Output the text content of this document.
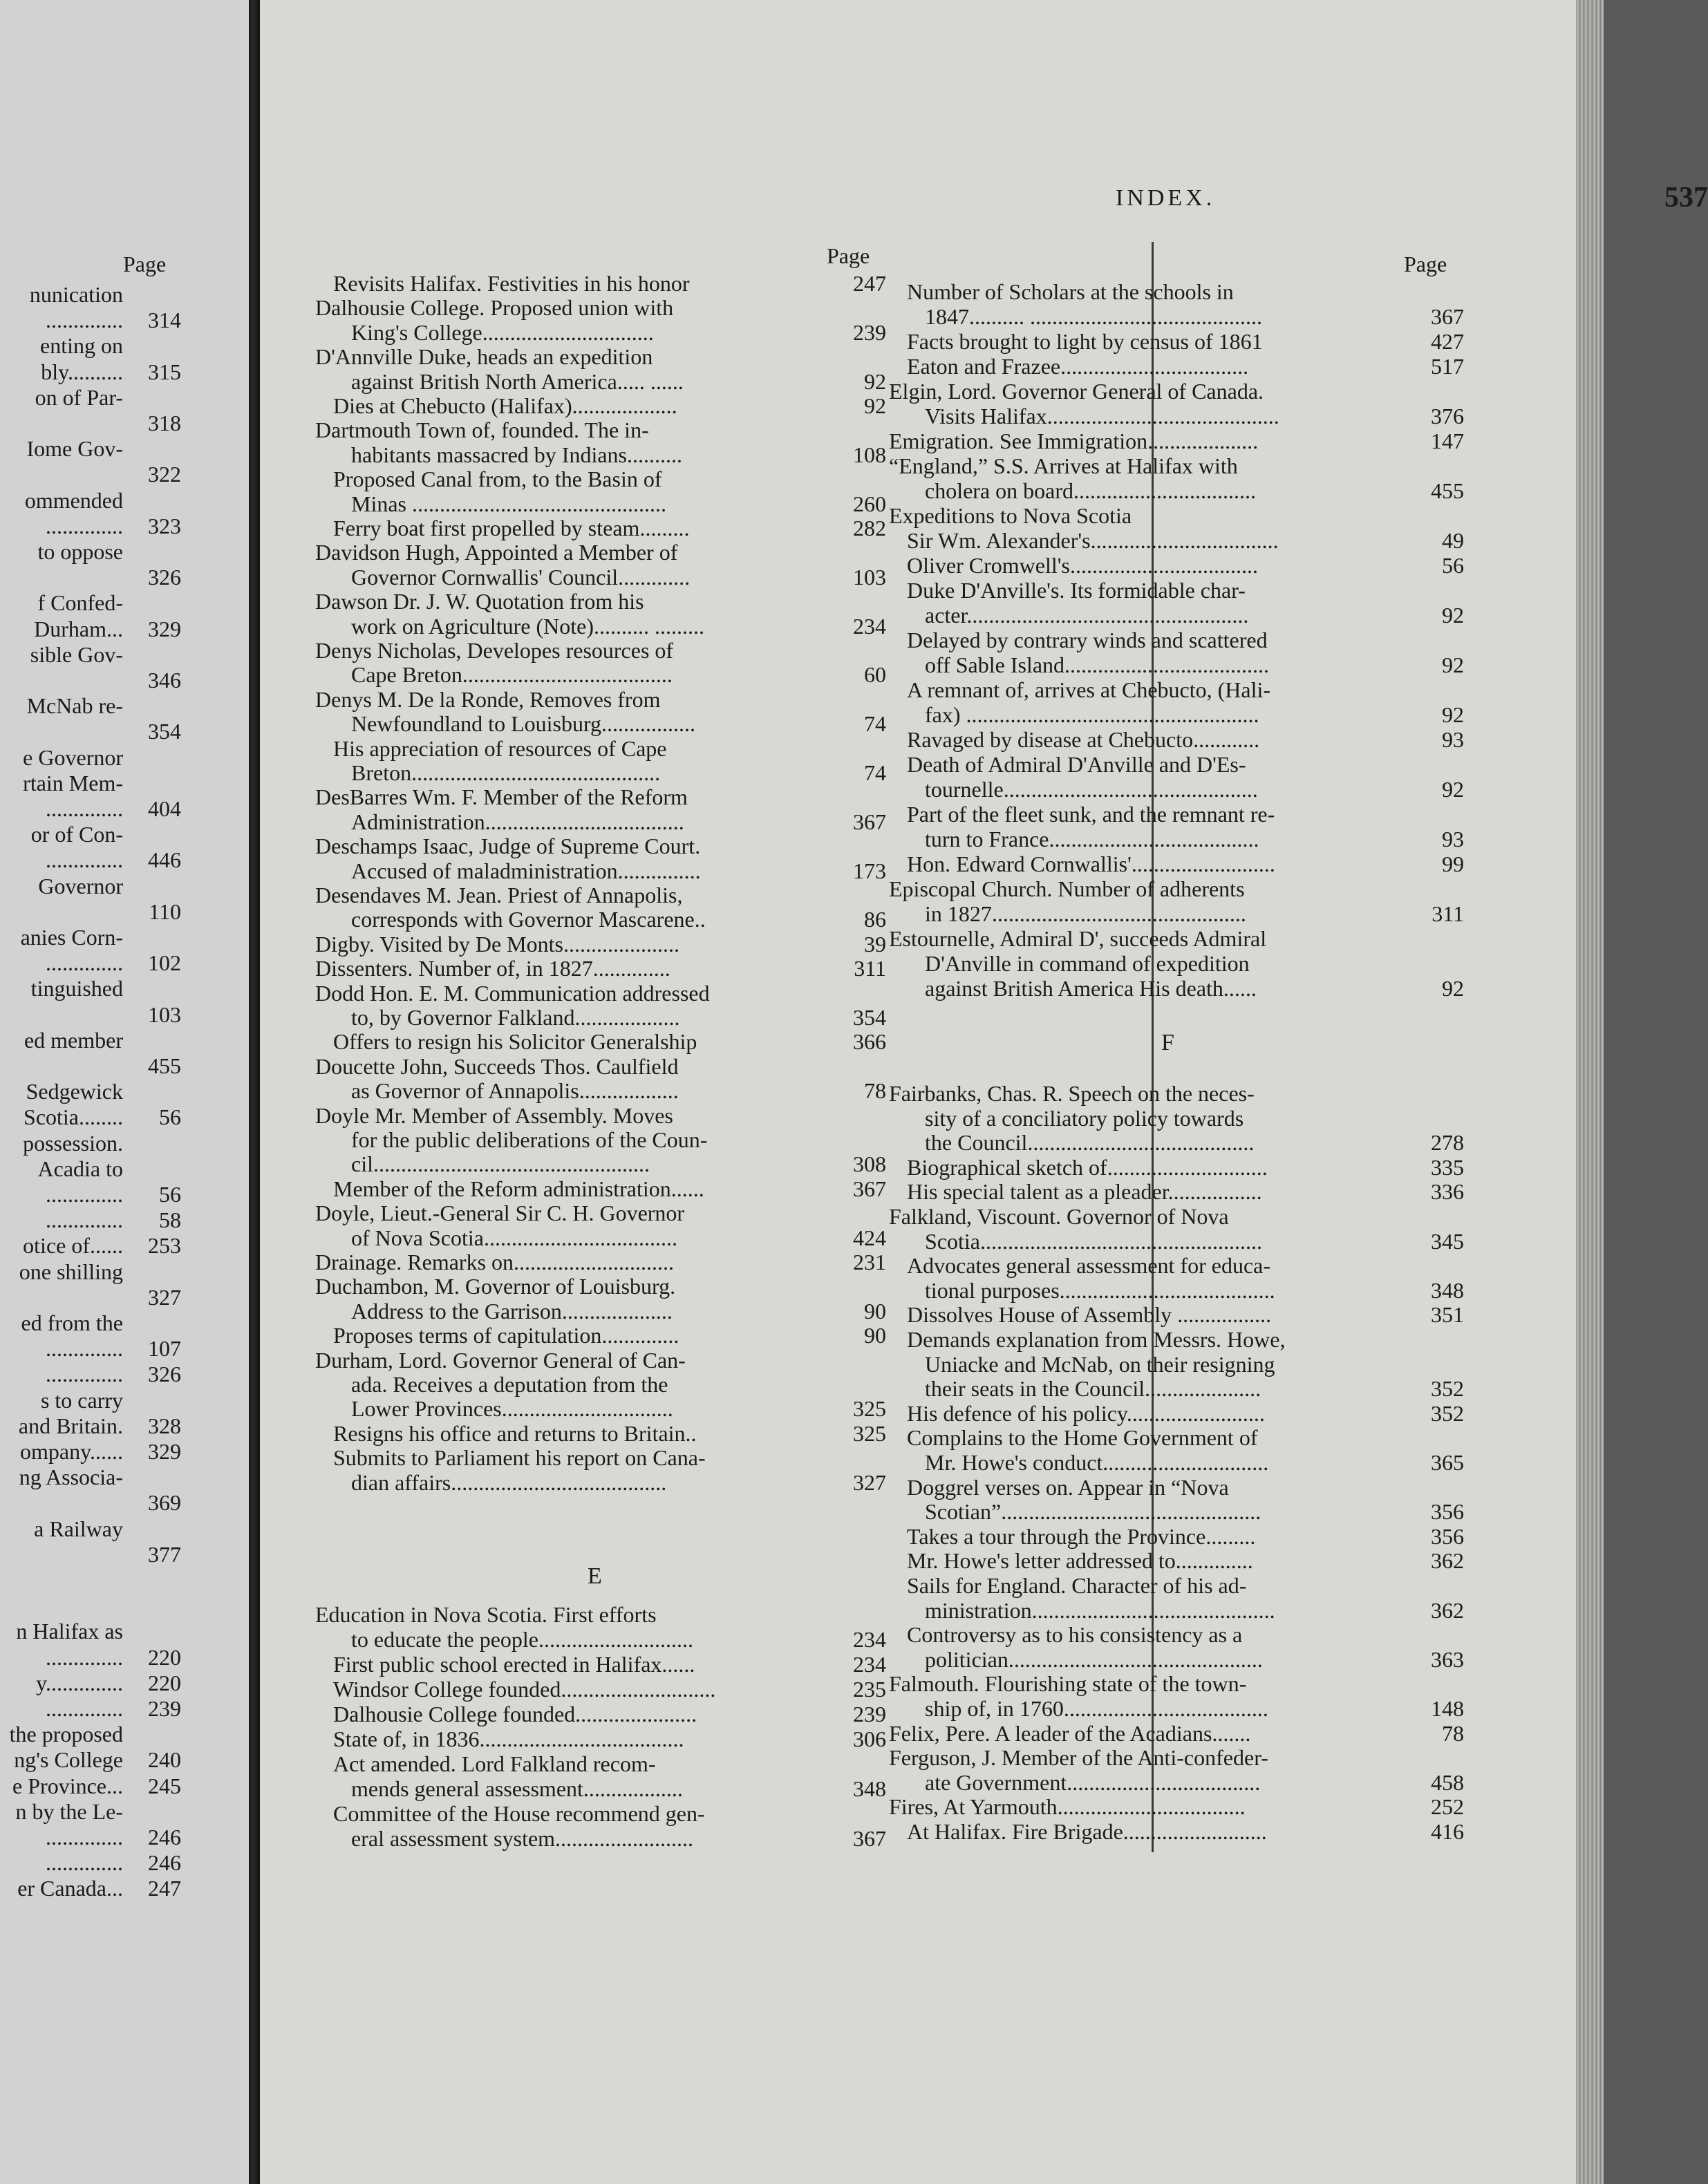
Page
nunication
..............	314
enting on
bly..........	315
on of Par-
318
Iome Gov-
322
ommended
..............	323
to oppose
326
f Confed-
Durham...	329
sible Gov-
346
McNab re-
354
e Governor
rtain Mem-
..............	404
or of Con-
..............	446
Governor
110
anies Corn-
..............	102
tinguished
103
ed member
455
Sedgewick
Scotia........	56
possession.
Acadia to
..............	56
..............	58
otice of......	253
one shilling
327
ed from the
..............	107
..............	326
s to carry
and Britain.	328
ompany......	329
ng Associa-
369
a Railway
377
n Halifax as
..............	220
y..............	220
..............	239
the proposed
ng's College	240
e Province...	245
n by the Le-
..............	246
..............	246
er Canada...	247
INDEX.	537
Page	Page
Revisits Halifax. Festivities in his honor	247
Dalhousie College. Proposed union with
King's College...............................	239
D'Annville Duke, heads an expedition
against British North America..... ......	92
Dies at Chebucto (Halifax)...................	92
Dartmouth Town of, founded. The in-
habitants massacred by Indians..........	108
Proposed Canal from, to the Basin of
Minas ..............................................	260
Ferry boat first propelled by steam.........	282
Davidson Hugh, Appointed a Member of
Governor Cornwallis' Council.............	103
Dawson Dr. J. W. Quotation from his
work on Agriculture (Note).......... .........	234
Denys Nicholas, Developes resources of
Cape Breton......................................	60
Denys M. De la Ronde, Removes from
Newfoundland to Louisburg.................	74
His appreciation of resources of Cape
Breton.............................................	74
DesBarres Wm. F. Member of the Reform
Administration....................................	367
Deschamps Isaac, Judge of Supreme Court.
Accused of maladministration...............	173
Desendaves M. Jean. Priest of Annapolis,
corresponds with Governor Mascarene..	86
Digby. Visited by De Monts.....................	39
Dissenters. Number of, in 1827..............	311
Dodd Hon. E. M. Communication addressed
to, by Governor Falkland...................	354
Offers to resign his Solicitor Generalship	366
Doucette John, Succeeds Thos. Caulfield
as Governor of Annapolis..................	78
Doyle Mr. Member of Assembly. Moves
for the public deliberations of the Coun-
cil..................................................	308
Member of the Reform administration......	367
Doyle, Lieut.-General Sir C. H. Governor
of Nova Scotia...................................	424
Drainage. Remarks on.............................	231
Duchambon, M. Governor of Louisburg.
Address to the Garrison....................	90
Proposes terms of capitulation..............	90
Durham, Lord. Governor General of Can-
ada. Receives a deputation from the
Lower Provinces...............................	325
Resigns his office and returns to Britain..	325
Submits to Parliament his report on Cana-
dian affairs.......................................	327
E
Education in Nova Scotia. First efforts
to educate the people............................	234
First public school erected in Halifax......	234
Windsor College founded............................	235
Dalhousie College founded......................	239
State of, in 1836.....................................	306
Act amended. Lord Falkland recom-
mends general assessment..................	348
Committee of the House recommend gen-
eral assessment system.........................	367
Number of Scholars at the schools in
1847.......... ..........................................	367
Facts brought to light by census of 1861	427
Eaton and Frazee..................................	517
Elgin, Lord. Governor General of Canada.
Visits Halifax..........................................	376
Emigration. See Immigration....................	147
“England,” S.S. Arrives at Halifax with
cholera on board.................................	455
Expeditions to Nova Scotia
Sir Wm. Alexander's..................................	49
Oliver Cromwell's..................................	56
Duke D'Anville's. Its formidable char-
acter...................................................	92
Delayed by contrary winds and scattered
off Sable Island.....................................	92
A remnant of, arrives at Chebucto, (Hali-
fax) .....................................................	92
Ravaged by disease at Chebucto............	93
Death of Admiral D'Anville and D'Es-
tournelle..............................................	92
Part of the fleet sunk, and the remnant re-
turn to France......................................	93
Hon. Edward Cornwallis'..........................	99
Episcopal Church. Number of adherents
in 1827..............................................	311
Estournelle, Admiral D', succeeds Admiral
D'Anville in command of expedition
against British America His death......	92
F
Fairbanks, Chas. R. Speech on the neces-
sity of a conciliatory policy towards
the Council.........................................	278
Biographical sketch of.............................	335
His special talent as a pleader.................	336
Falkland, Viscount. Governor of Nova
Scotia...................................................	345
Advocates general assessment for educa-
tional purposes.......................................	348
Dissolves House of Assembly .................	351
Demands explanation from Messrs. Howe,
Uniacke and McNab, on their resigning
their seats in the Council.....................	352
His defence of his policy.........................	352
Complains to the Home Government of
Mr. Howe's conduct..............................	365
Doggrel verses on. Appear in “Nova
Scotian”...............................................	356
Takes a tour through the Province.........	356
Mr. Howe's letter addressed to..............	362
Sails for England. Character of his ad-
ministration............................................	362
Controversy as to his consistency as a
politician..............................................	363
Falmouth. Flourishing state of the town-
ship of, in 1760.....................................	148
Felix, Pere. A leader of the Acadians.......	78
Ferguson, J. Member of the Anti-confeder-
ate Government...................................	458
Fires, At Yarmouth..................................	252
At Halifax. Fire Brigade..........................	416
